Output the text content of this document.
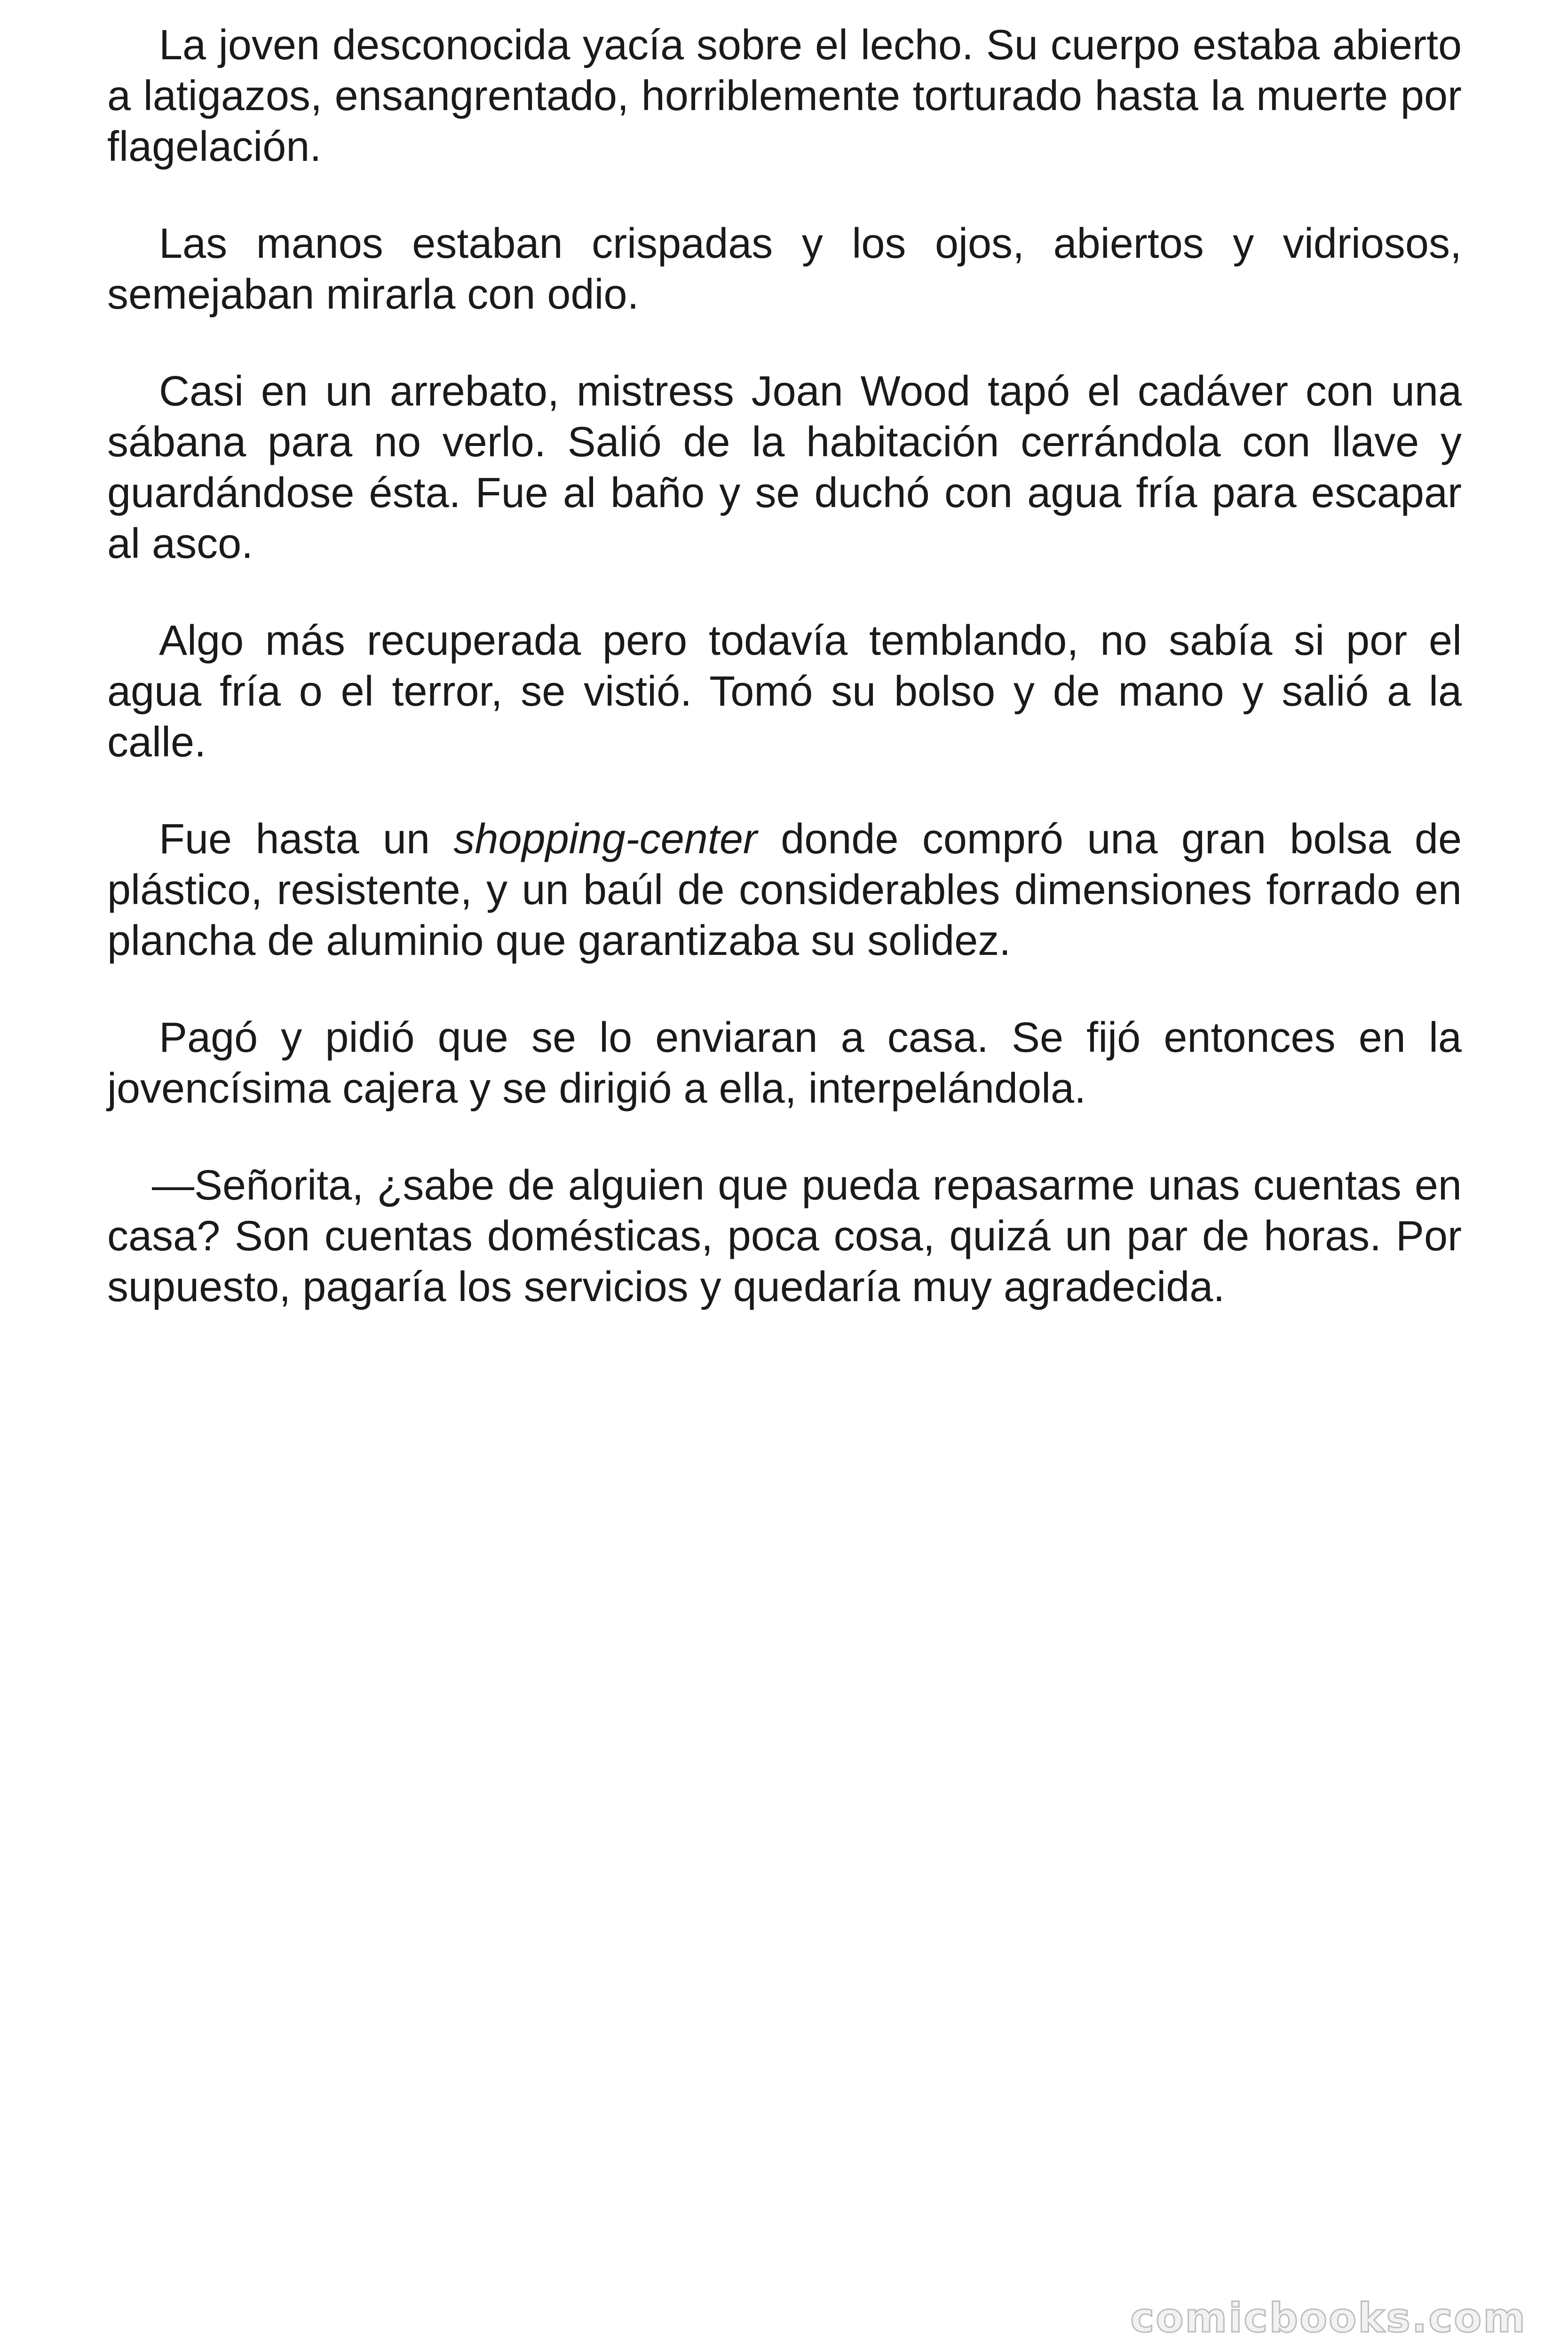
La joven desconocida yacía sobre el lecho. Su cuerpo estaba abierto a latigazos, ensangrentado, horriblemente torturado hasta la muerte por flagelación.

Las manos estaban crispadas y los ojos, abiertos y vidriosos, semejaban mirarla con odio.

Casi en un arrebato, mistress Joan Wood tapó el cadáver con una sábana para no verlo. Salió de la habitación cerrándola con llave y guardándose ésta. Fue al baño y se duchó con agua fría para escapar al asco.

Algo más recuperada pero todavía temblando, no sabía si por el agua fría o el terror, se vistió. Tomó su bolso y de mano y salió a la calle.

Fue hasta un shopping-center donde compró una gran bolsa de plástico, resistente, y un baúl de considerables dimensiones forrado en plancha de aluminio que garantizaba su solidez.

Pagó y pidió que se lo enviaran a casa. Se fijó entonces en la jovencísima cajera y se dirigió a ella, interpelándola.

—Señorita, ¿sabe de alguien que pueda repasarme unas cuentas en casa? Son cuentas domésticas, poca cosa, quizá un par de horas. Por supuesto, pagaría los servicios y quedaría muy agradecida.

comicbooks.com
